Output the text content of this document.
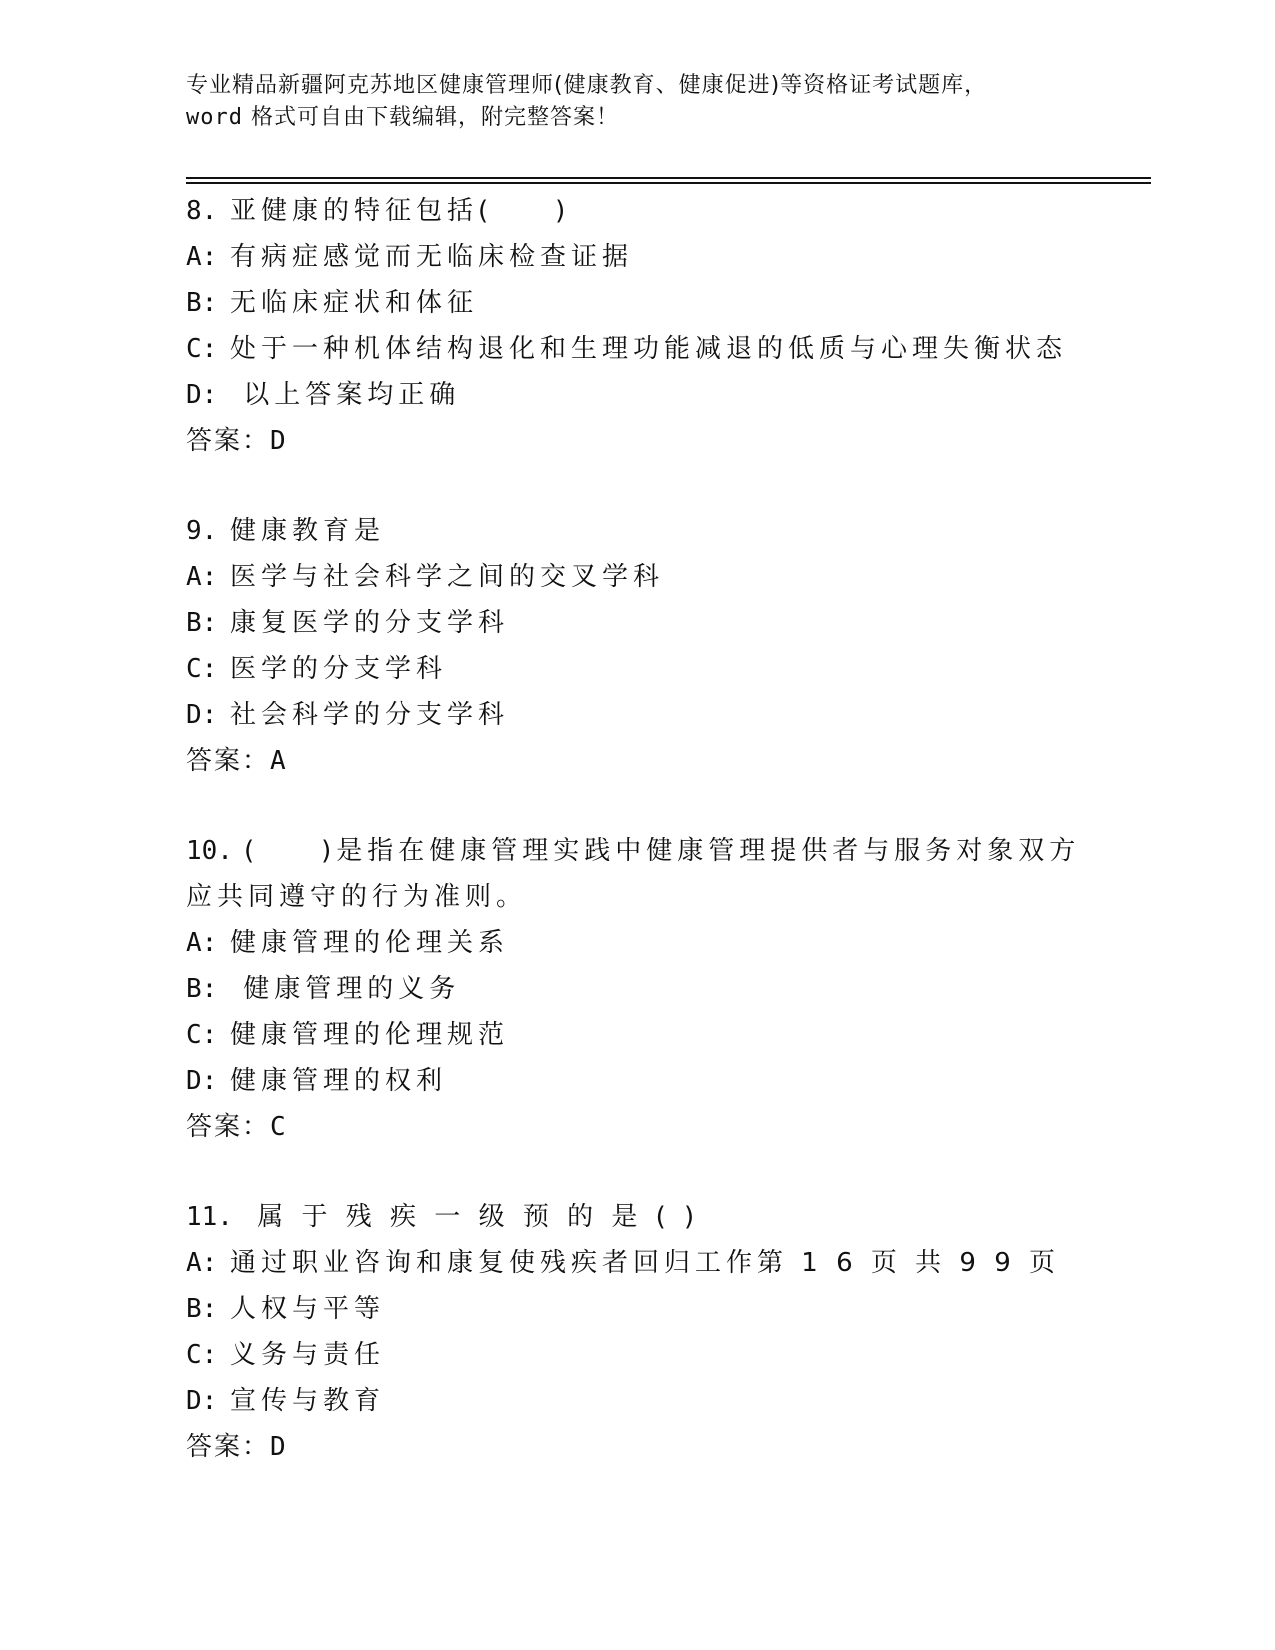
专业精品新疆阿克苏地区健康管理师(健康教育、健康促进)等资格证考试题库，
word 格式可自由下载编辑，附完整答案！
8. 亚健康的特征包括(　　)
A: 有病症感觉而无临床检查证据
B: 无临床症状和体征
C: 处于一种机体结构退化和生理功能减退的低质与心理失衡状态
D: 以上答案均正确
答案：D
9. 健康教育是
A: 医学与社会科学之间的交叉学科
B: 康复医学的分支学科
C: 医学的分支学科
D: 社会科学的分支学科
答案：A
10. (　　)是指在健康管理实践中健康管理提供者与服务对象双方应共同遵守的行为准则。
A: 健康管理的伦理关系
B: 健康管理的义务
C: 健康管理的伦理规范
D: 健康管理的权利
答案：C
11. 属 于 残 疾 一 级 预 的 是 ( )
A: 通过职业咨询和康复使残疾者回归工作第 1 6 页 共 9 9 页
B: 人权与平等
C: 义务与责任
D: 宣传与教育
答案：D
